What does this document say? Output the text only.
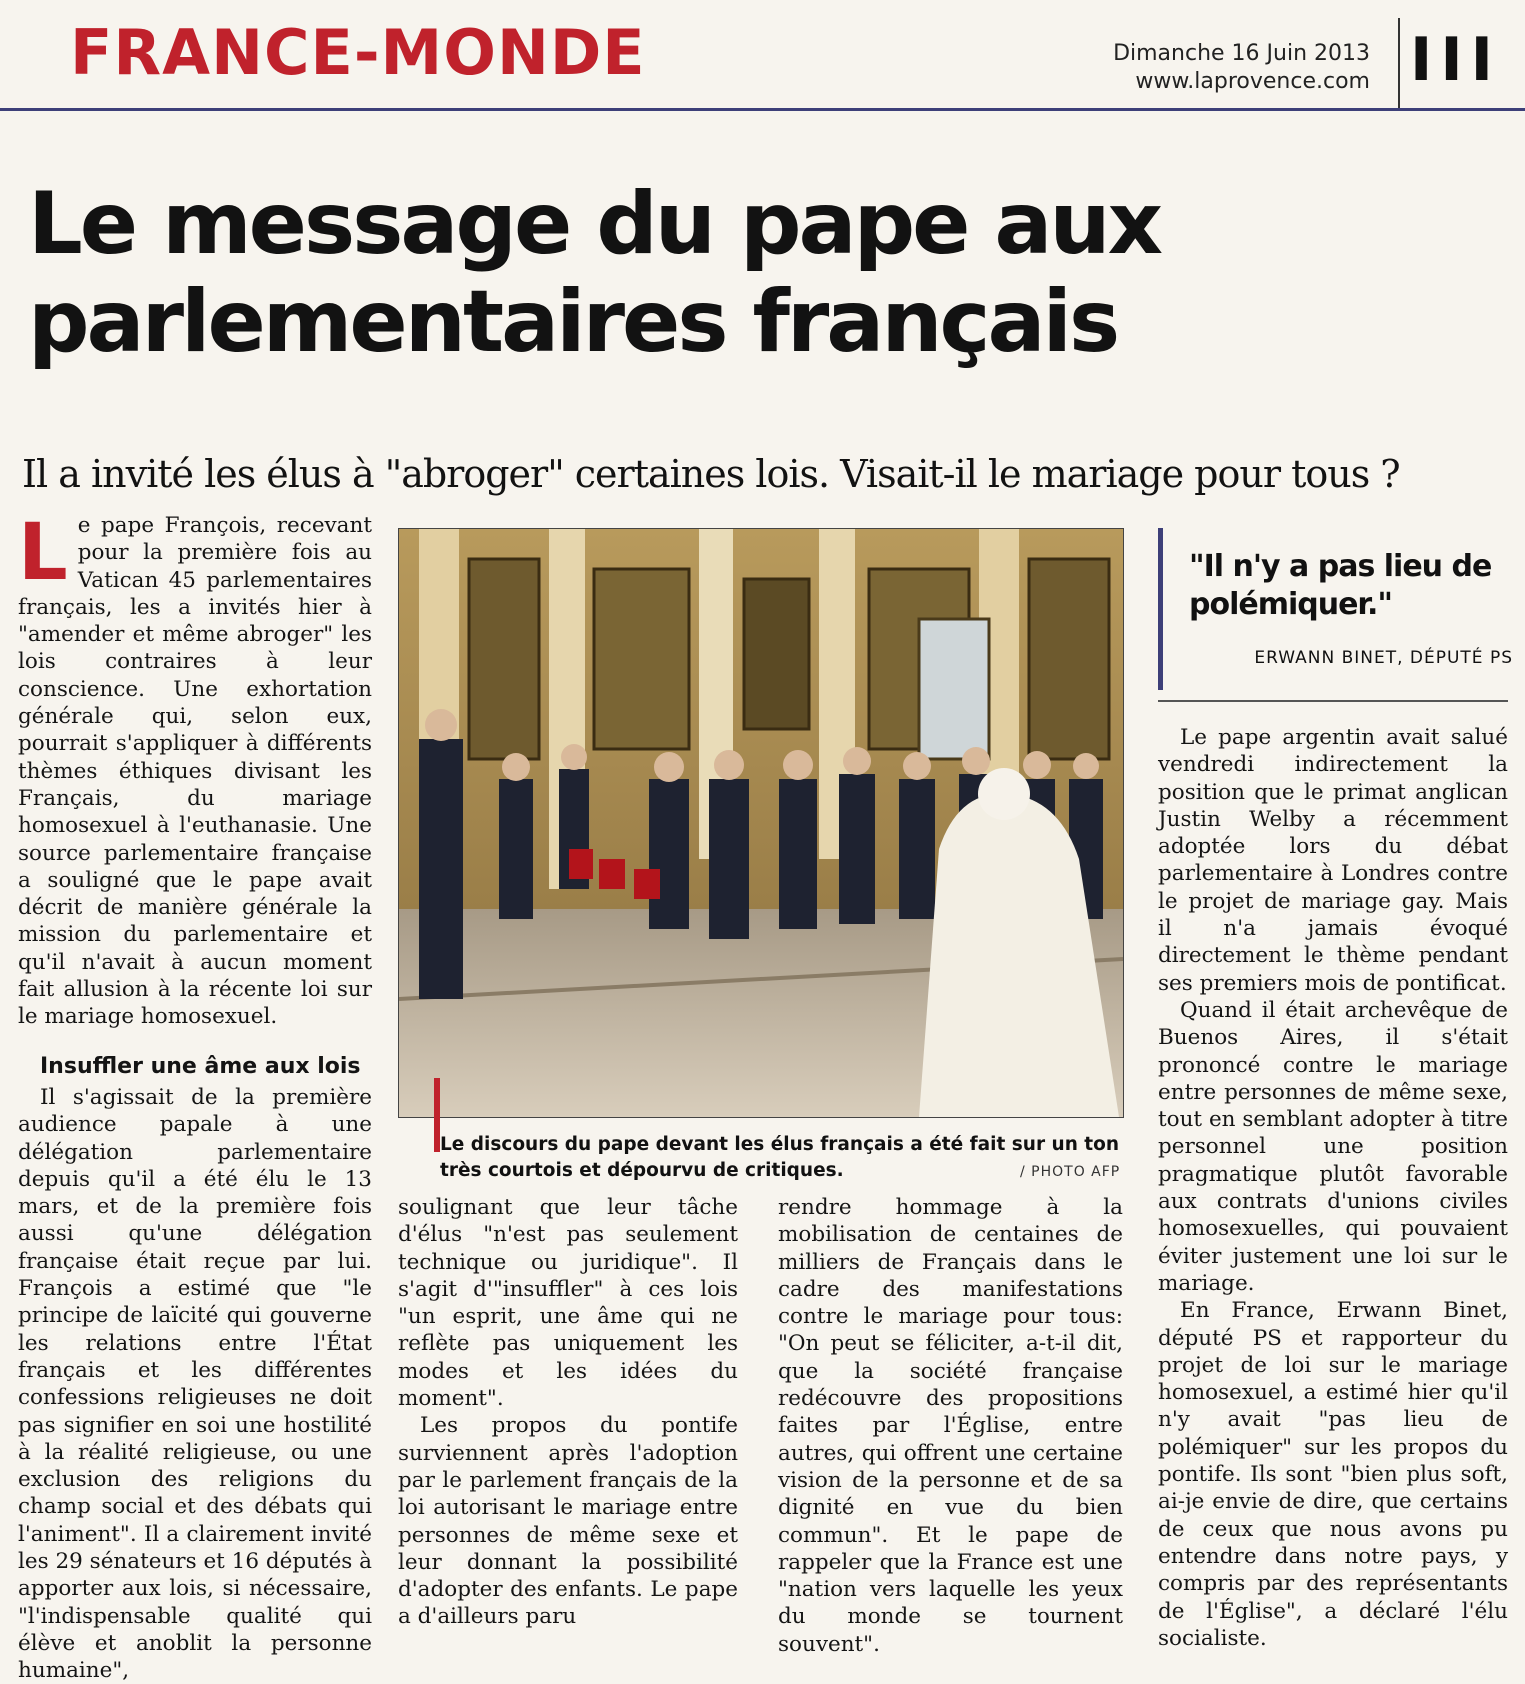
FRANCE-MONDE	Dimanche 16 Juin 2013
www.laprovence.com III
Le message du pape aux
parlementaires français
Il a invité les élus à "abroger" certaines lois. Visait-il le mariage pour tous ?
L e pape François, recevant pour la première fois au Vatican 45 parlementaires français, les a invités hier à "amender et même abroger" les lois contraires à leur conscience. Une exhortation générale qui, selon eux, pourrait s'appliquer à différents thèmes éthiques divisant les Français, du mariage homosexuel à l'euthanasie. Une source parlementaire française a souligné que le pape avait décrit de manière générale la mission du parlementaire et qu'il n'avait à aucun moment fait allusion à la récente loi sur le mariage homosexuel.

Insuffler une âme aux lois

Il s'agissait de la première audience papale à une délégation parlementaire depuis qu'il a été élu le 13 mars, et de la première fois aussi qu'une délégation française était reçue par lui. François a estimé que "le principe de laïcité qui gouverne les relations entre l'État français et les différentes confessions religieuses ne doit pas signifier en soi une hostilité à la réalité religieuse, ou une exclusion des religions du champ social et des débats qui l'animent". Il a clairement invité les 29 sénateurs et 16 députés à apporter aux lois, si nécessaire, "l'indispensable qualité qui élève et anoblit la personne humaine",

Le discours du pape devant les élus français a été fait sur un ton très courtois et dépourvu de critiques.	/ PHOTO AFP

soulignant que leur tâche d'élus "n'est pas seulement technique ou juridique". Il s'agit d'"insuffler" à ces lois "un esprit, une âme qui ne reflète pas uniquement les modes et les idées du moment".

Les propos du pontife surviennent après l'adoption par le parlement français de la loi autorisant le mariage entre personnes de même sexe et leur donnant la possibilité d'adopter des enfants. Le pape a d'ailleurs paru

rendre hommage à la mobilisation de centaines de milliers de Français dans le cadre des manifestations contre le mariage pour tous: "On peut se féliciter, a-t-il dit, que la société française redécouvre des propositions faites par l'Église, entre autres, qui offrent une certaine vision de la personne et de sa dignité en vue du bien commun". Et le pape de rappeler que la France est une "nation vers laquelle les yeux du monde se tournent souvent".

"Il n'y a pas lieu de polémiquer."
ERWANN BINET, DÉPUTÉ PS

Le pape argentin avait salué vendredi indirectement la position que le primat anglican Justin Welby a récemment adoptée lors du débat parlementaire à Londres contre le projet de mariage gay. Mais il n'a jamais évoqué directement le thème pendant ses premiers mois de pontificat.

Quand il était archevêque de Buenos Aires, il s'était prononcé contre le mariage entre personnes de même sexe, tout en semblant adopter à titre personnel une position pragmatique plutôt favorable aux contrats d'unions civiles homosexuelles, qui pouvaient éviter justement une loi sur le mariage.

En France, Erwann Binet, député PS et rapporteur du projet de loi sur le mariage homosexuel, a estimé hier qu'il n'y avait "pas lieu de polémiquer" sur les propos du pontife. Ils sont "bien plus soft, ai-je envie de dire, que certains de ceux que nous avons pu entendre dans notre pays, y compris par des représentants de l'Église", a déclaré l'élu socialiste.
